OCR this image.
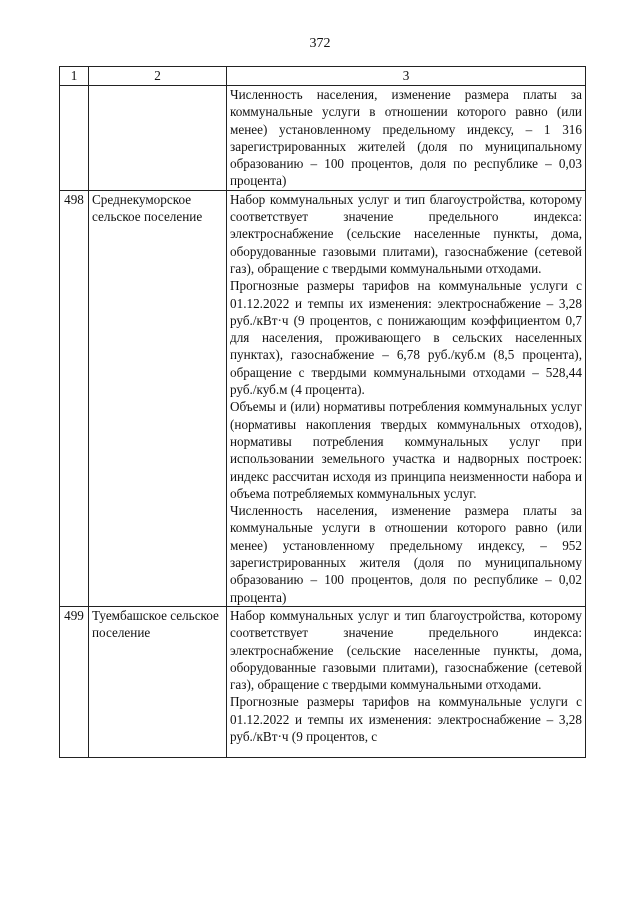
372
1	2	3

		Численность населения, изменение размера платы за коммунальные услуги в отношении которого равно (или менее) установленному предельному индексу, – 1 316 зарегистрированных жителей (доля по муниципальному образованию – 100 процентов, доля по республике – 0,03 процента)

498	Среднекуморское сельское поселение	Набор коммунальных услуг и тип благоустройства, которому соответствует значение предельного индекса: электроснабжение (сельские населенные пункты, дома, оборудованные газовыми плитами), газоснабжение (сетевой газ), обращение с твердыми коммунальными отходами.

Прогнозные размеры тарифов на коммунальные услуги с 01.12.2022 и темпы их изменения: электроснабжение – 3,28 руб./кВт·ч (9 процентов, с понижающим коэффициентом 0,7 для населения, проживающего в сельских населенных пунктах), газоснабжение – 6,78 руб./куб.м (8,5 процента), обращение с твердыми коммунальными отходами – 528,44 руб./куб.м (4 процента).

Объемы и (или) нормативы потребления коммунальных услуг (нормативы накопления твердых коммунальных отходов), нормативы потребления коммунальных услуг при использовании земельного участка и надворных построек: индекс рассчитан исходя из принципа неизменности набора и объема потребляемых коммунальных услуг.

Численность населения, изменение размера платы за коммунальные услуги в отношении которого равно (или менее) установленному предельному индексу, – 952 зарегистрированных жителя (доля по муниципальному образованию – 100 процентов, доля по республике – 0,02 процента)

499	Туембашское сельское поселение	Набор коммунальных услуг и тип благоустройства, которому соответствует значение предельного индекса: электроснабжение (сельские населенные пункты, дома, оборудованные газовыми плитами), газоснабжение (сетевой газ), обращение с твердыми коммунальными отходами.

Прогнозные размеры тарифов на коммунальные услуги с 01.12.2022 и темпы их изменения: электроснабжение – 3,28 руб./кВт·ч (9 процентов, с
